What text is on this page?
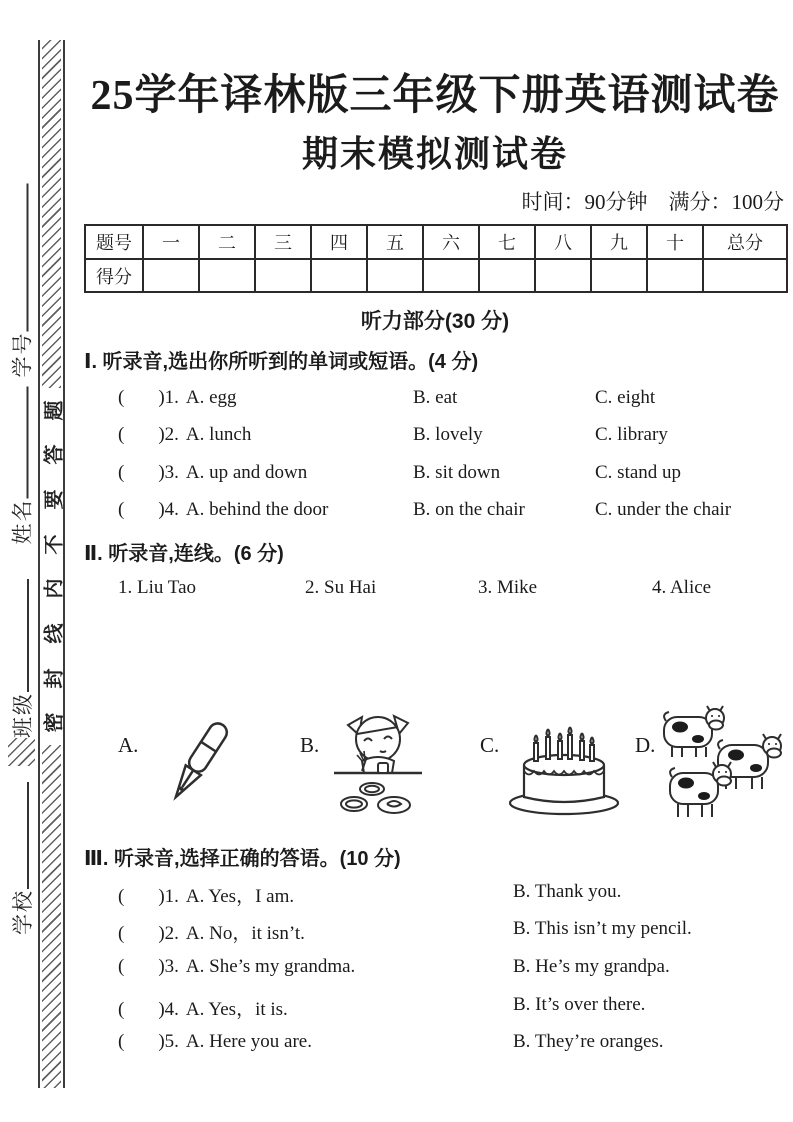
学号
姓名
班级
学校
题
答
要
不
内
线
封
密
25学年译林版三年级下册英语测试卷
期末模拟测试卷
时间：90分钟　满分：100分
题号	一	二	三	四	五	六	七	八	九	十	总分
得分											
听力部分(30 分)
Ⅰ. 听录音,选出你所听到的单词或短语。(4 分)
( )1. A. egg	B. eat	C. eight
( )2. A. lunch	B. lovely	C. library
( )3. A. up and down	B. sit down	C. stand up
( )4. A. behind the door	B. on the chair	C. under the chair
Ⅱ. 听录音,连线。(6 分)
1. Liu Tao	2. Su Hai	3. Mike	4. Alice
A.	B.	C.	D.
Ⅲ. 听录音,选择正确的答语。(10 分)
( )1. A. Yes，I am.	B. Thank you.
( )2. A. No，it isn’t.	B. This isn’t my pencil.
( )3. A. She’s my grandma.	B. He’s my grandpa.
( )4. A. Yes，it is.	B. It’s over there.
( )5. A. Here you are.	B. They’re oranges.
